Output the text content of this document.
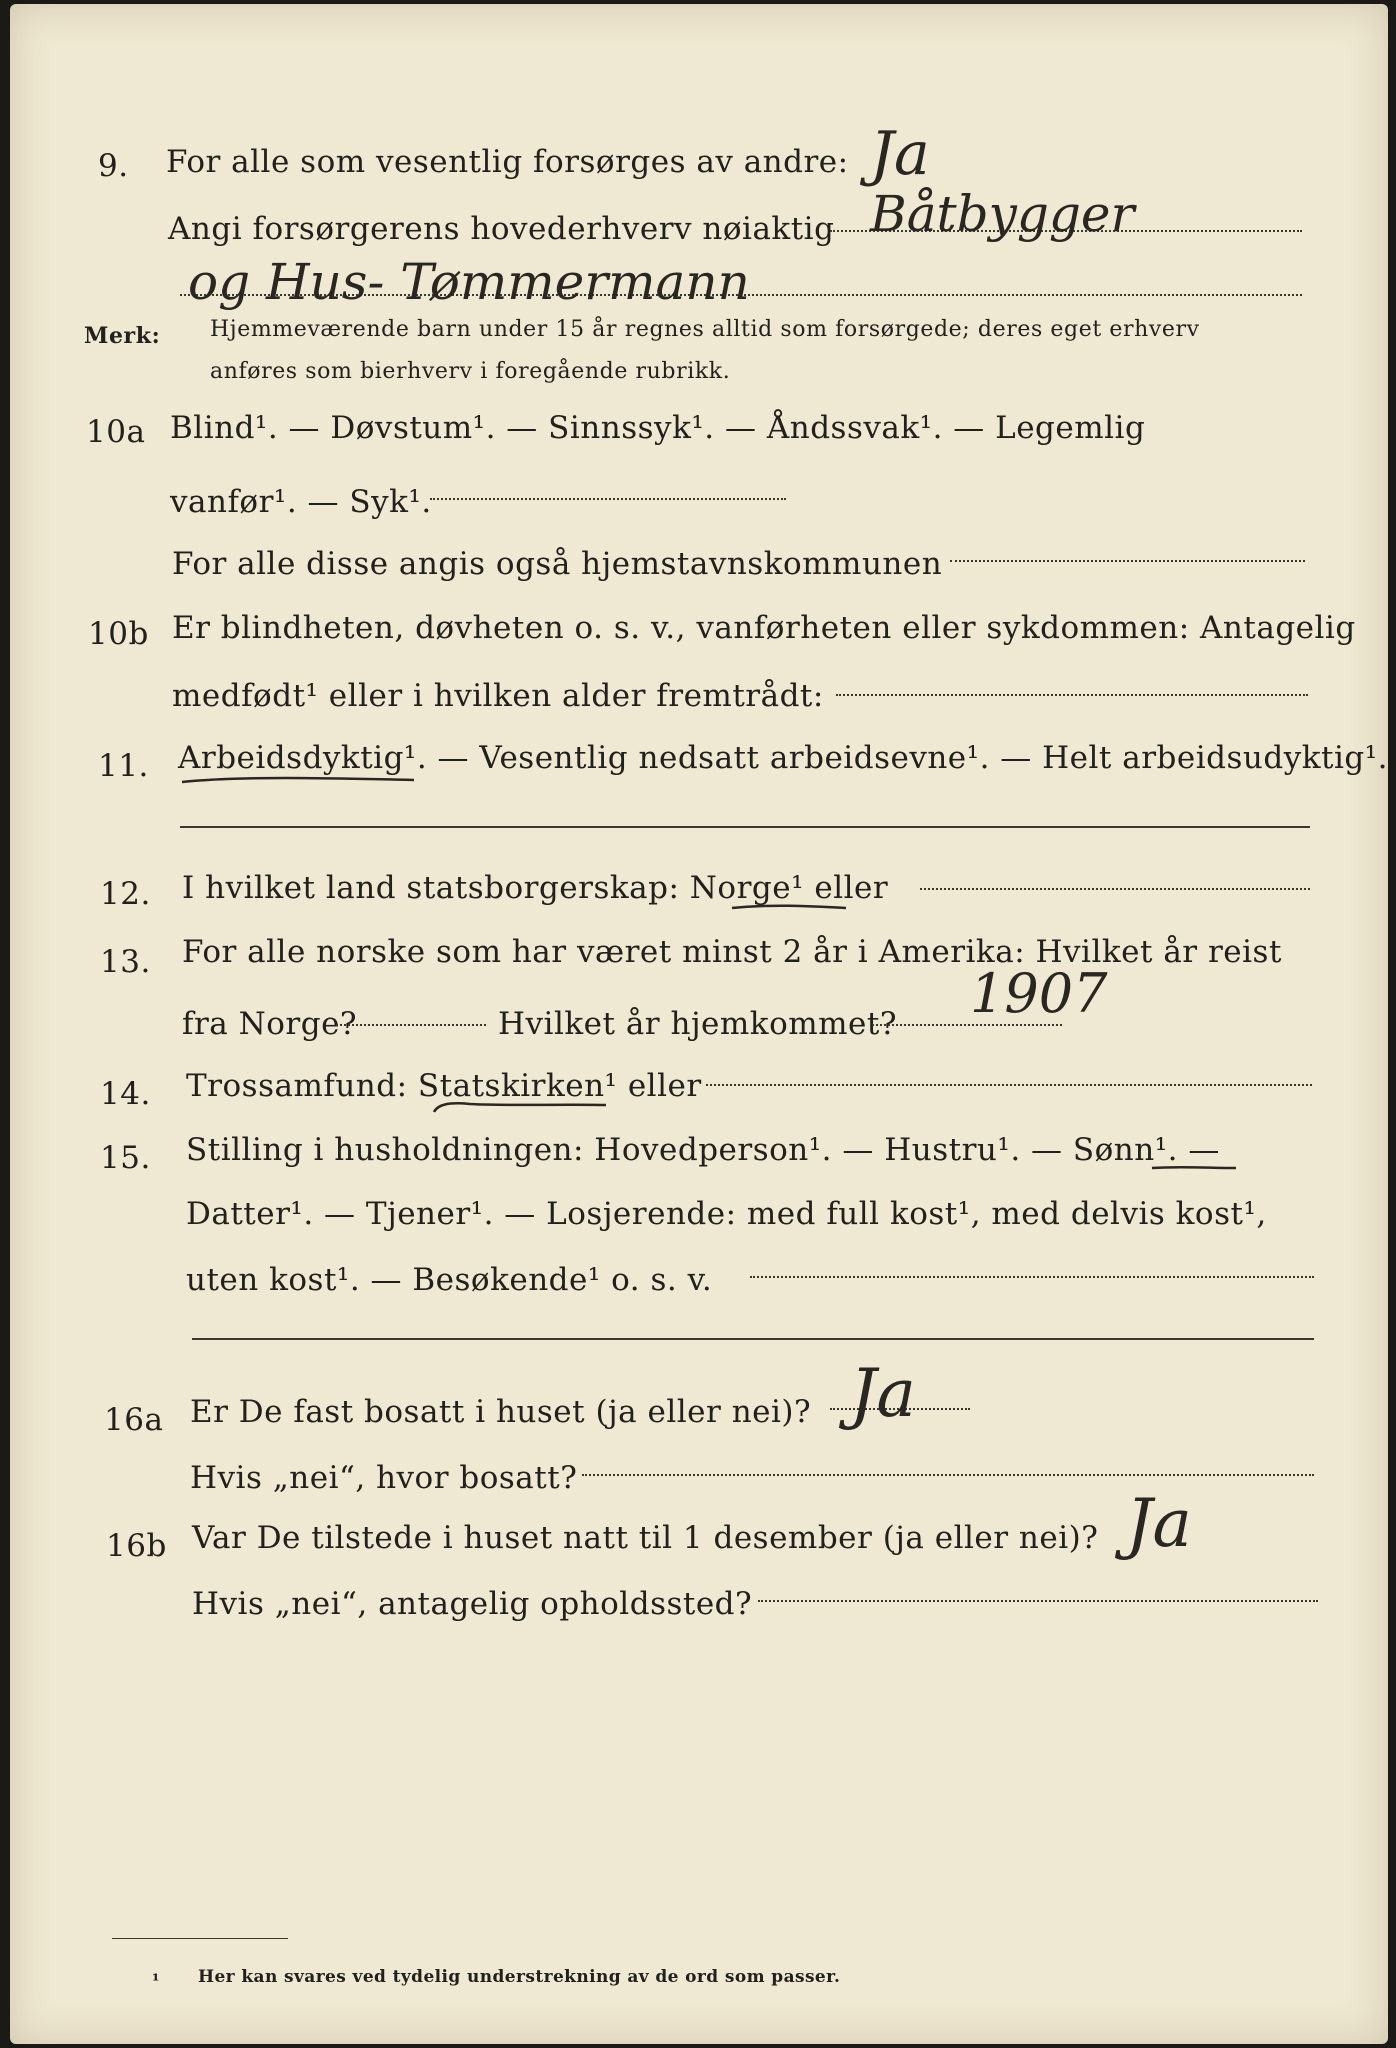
9. For alle som vesentlig forsørges av andre: Ja
Angi forsørgerens hovederhverv nøiaktig Båtbygger
og Hus- Tømmermann
Merk: Hjemmeværende barn under 15 år regnes alltid som forsørgede; deres eget erhverv
anføres som bierhverv i foregående rubrikk.
10a Blind¹. — Døvstum¹. — Sinnssyk¹. — Åndssvak¹. — Legemlig
vanfør¹. — Syk¹.
For alle disse angis også hjemstavnskommunen
10b Er blindheten, døvheten o. s. v., vanførheten eller sykdommen: Antagelig
medfødt¹ eller i hvilken alder fremtrådt:
11. Arbeidsdyktig¹. — Vesentlig nedsatt arbeidsevne¹. — Helt arbeidsudyktig¹.
12. I hvilket land statsborgerskap: Norge¹ eller
13. For alle norske som har været minst 2 år i Amerika: Hvilket år reist
fra Norge?	Hvilket år hjemkommet? 1907
14. Trossamfund: Statskirken¹ eller
15. Stilling i husholdningen: Hovedperson¹. — Hustru¹. — Sønn¹. —
Datter¹. — Tjener¹. — Losjerende: med full kost¹, med delvis kost¹,
uten kost¹. — Besøkende¹ o. s. v.
16a Er De fast bosatt i huset (ja eller nei)? Ja
Hvis „nei“, hvor bosatt?
16b Var De tilstede i huset natt til 1 desember (ja eller nei)? Ja
Hvis „nei“, antagelig opholdssted?
¹ Her kan svares ved tydelig understrekning av de ord som passer.
